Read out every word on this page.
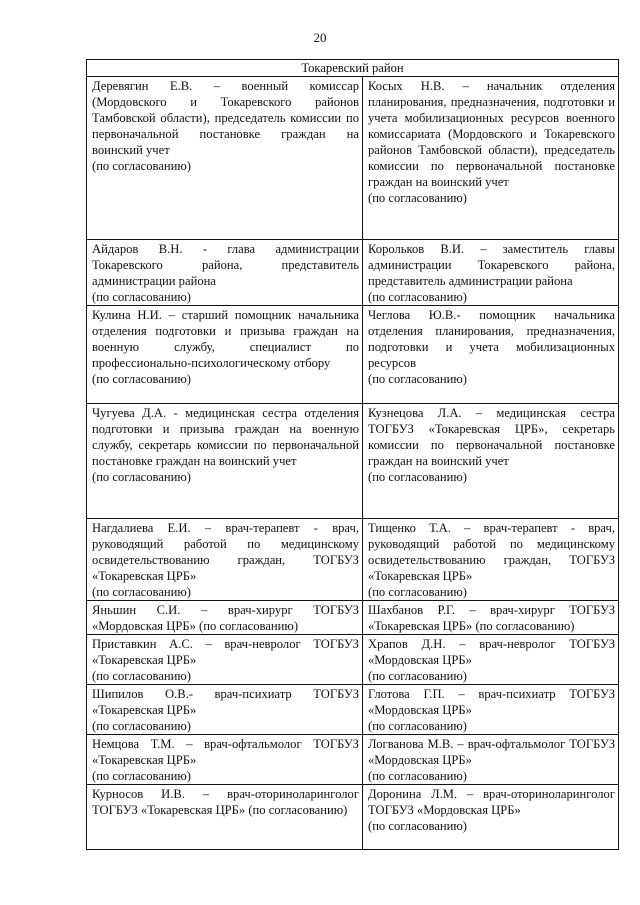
20
Токаревский район	

Деревягин Е.В. – военный комиссар (Мордовского и Токаревского районов Тамбовской области), председатель комиссии по первоначальной постановке граждан на воинский учет
(по согласованию)	Косых Н.В. – начальник отделения планирования, предназначения, подготовки и учета мобилизационных ресурсов военного комиссариата (Мордовского и Токаревского районов Тамбовской области), председатель комиссии по первоначальной постановке граждан на воинский учет
(по согласованию)

Айдаров В.Н. - глава администрации Токаревского района, представитель администрации района
(по согласованию)	Корольков В.И. – заместитель главы администрации Токаревского района, представитель администрации района
(по согласованию)

Кулина Н.И. – старший помощник начальника отделения подготовки и призыва граждан на военную службу, специалист по профессионально-психологическому отбору
(по согласованию)	Чеглова Ю.В.- помощник начальника отделения планирования, предназначения, подготовки и учета мобилизационных ресурсов
(по согласованию)

Чугуева Д.А. - медицинская сестра отделения подготовки и призыва граждан на военную службу, секретарь комиссии по первоначальной постановке граждан на воинский учет
(по согласованию)	Кузнецова Л.А. – медицинская сестра ТОГБУЗ «Токаревская ЦРБ», секретарь комиссии по первоначальной постановке граждан на воинский учет
(по согласованию)

Нагдалиева Е.И. – врач-терапевт - врач, руководящий работой по медицинскому освидетельствованию граждан, ТОГБУЗ «Токаревская ЦРБ»
(по согласованию)	Тищенко Т.А. – врач-терапевт - врач, руководящий работой по медицинскому освидетельствованию граждан, ТОГБУЗ «Токаревская ЦРБ»
(по согласованию)

Яньшин С.И. – врач-хирург ТОГБУЗ «Мордовская ЦРБ» (по согласованию)	Шахбанов Р.Г. – врач-хирург ТОГБУЗ «Токаревская ЦРБ» (по согласованию)

Приставкин А.С. – врач-невролог ТОГБУЗ «Токаревская ЦРБ»
(по согласованию)	Храпов Д.Н. – врач-невролог ТОГБУЗ «Мордовская ЦРБ»
(по согласованию)

Шипилов О.В.- врач-психиатр ТОГБУЗ «Токаревская ЦРБ»
(по согласованию)	Глотова Г.П. – врач-психиатр ТОГБУЗ «Мордовская ЦРБ»
(по согласованию)

Немцова Т.М. – врач-офтальмолог ТОГБУЗ «Токаревская ЦРБ»
(по согласованию)	Логванова М.В. – врач-офтальмолог ТОГБУЗ «Мордовская ЦРБ»
(по согласованию)

Курносов И.В. – врач-оториноларинголог ТОГБУЗ «Токаревская ЦРБ» (по согласованию)	Доронина Л.М. – врач-оториноларинголог ТОГБУЗ «Мордовская ЦРБ»
(по согласованию)
